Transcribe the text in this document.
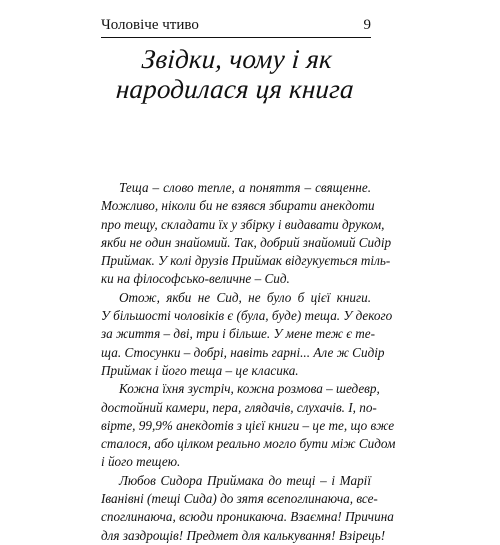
Чоловіче чтиво	9
Звідки, чому і як
народилася ця книга

Теща – слово тепле, а поняття – священне.
Можливо, ніколи би не взявся збирати анекдоти
про тещу, складати їх у збірку і видавати друком,
якби не один знайомий. Так, добрий знайомий Сидір
Приймак. У колі друзів Приймак відгукується тіль-
ки на філософсько-величне – Сид.

Отож, якби не Сид, не було б цієї книги.
У більшості чоловіків є (була, буде) теща. У декого
за життя – дві, три і більше. У мене теж є те-
ща. Стосунки – добрі, навіть гарні... Але ж Сидір
Приймак і його теща – це класика.

Кожна їхня зустріч, кожна розмова – шедевр,
достойний камери, пера, глядачів, слухачів. І, по-
вірте, 99,9% анекдотів з цієї книги – це те, що вже
сталося, або цілком реально могло бути між Сидом
і його тещею.

Любов Сидора Приймака до тещі – і Марії
Іванівні (тещі Сида) до зятя всепоглинаюча, все-
споглинаюча, всюди проникаюча. Взаємна! Причина
для заздрощів! Предмет для калькування! Взірець!
